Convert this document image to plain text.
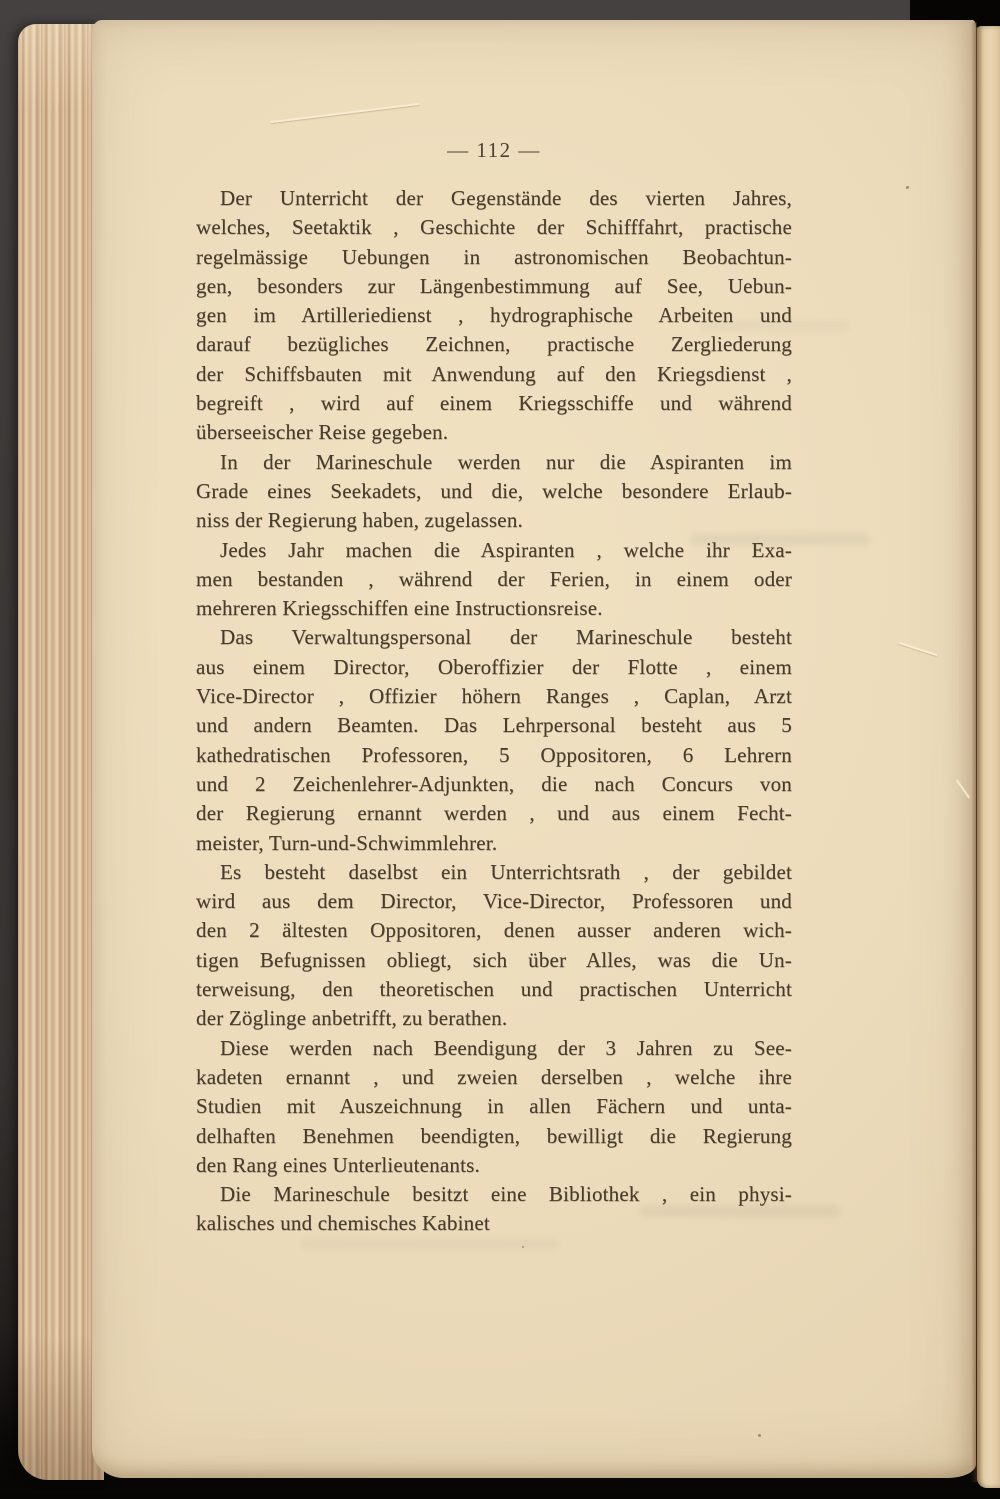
— 112 —
Der Unterricht der Gegenstände des vierten Jahres,
welches, Seetaktik , Geschichte der Schifffahrt, practische
regelmässige Uebungen in astronomischen Beobachtun-
gen, besonders zur Längenbestimmung auf See, Uebun-
gen im Artilleriedienst , hydrographische Arbeiten und
darauf bezügliches Zeichnen, practische Zergliederung
der Schiffsbauten mit Anwendung auf den Kriegsdienst ,
begreift , wird auf einem Kriegsschiffe und während
überseeischer Reise gegeben.
In der Marineschule werden nur die Aspiranten im
Grade eines Seekadets, und die, welche besondere Erlaub-
niss der Regierung haben, zugelassen.
Jedes Jahr machen die Aspiranten , welche ihr Exa-
men bestanden , während der Ferien, in einem oder
mehreren Kriegsschiffen eine Instructionsreise.
Das Verwaltungspersonal der Marineschule besteht
aus einem Director, Oberoffizier der Flotte , einem
Vice-Director , Offizier höhern Ranges , Caplan, Arzt
und andern Beamten. Das Lehrpersonal besteht aus 5
kathedratischen Professoren, 5 Oppositoren, 6 Lehrern
und 2 Zeichenlehrer-Adjunkten, die nach Concurs von
der Regierung ernannt werden , und aus einem Fecht-
meister, Turn-und-Schwimmlehrer.
Es besteht daselbst ein Unterrichtsrath , der gebildet
wird aus dem Director, Vice-Director, Professoren und
den 2 ältesten Oppositoren, denen ausser anderen wich-
tigen Befugnissen obliegt, sich über Alles, was die Un-
terweisung, den theoretischen und practischen Unterricht
der Zöglinge anbetrifft, zu berathen.
Diese werden nach Beendigung der 3 Jahren zu See-
kadeten ernannt , und zweien derselben , welche ihre
Studien mit Auszeichnung in allen Fächern und unta-
delhaften Benehmen beendigten, bewilligt die Regierung
den Rang eines Unterlieutenants.
Die Marineschule besitzt eine Bibliothek , ein physi-
kalisches und chemisches Kabinet
